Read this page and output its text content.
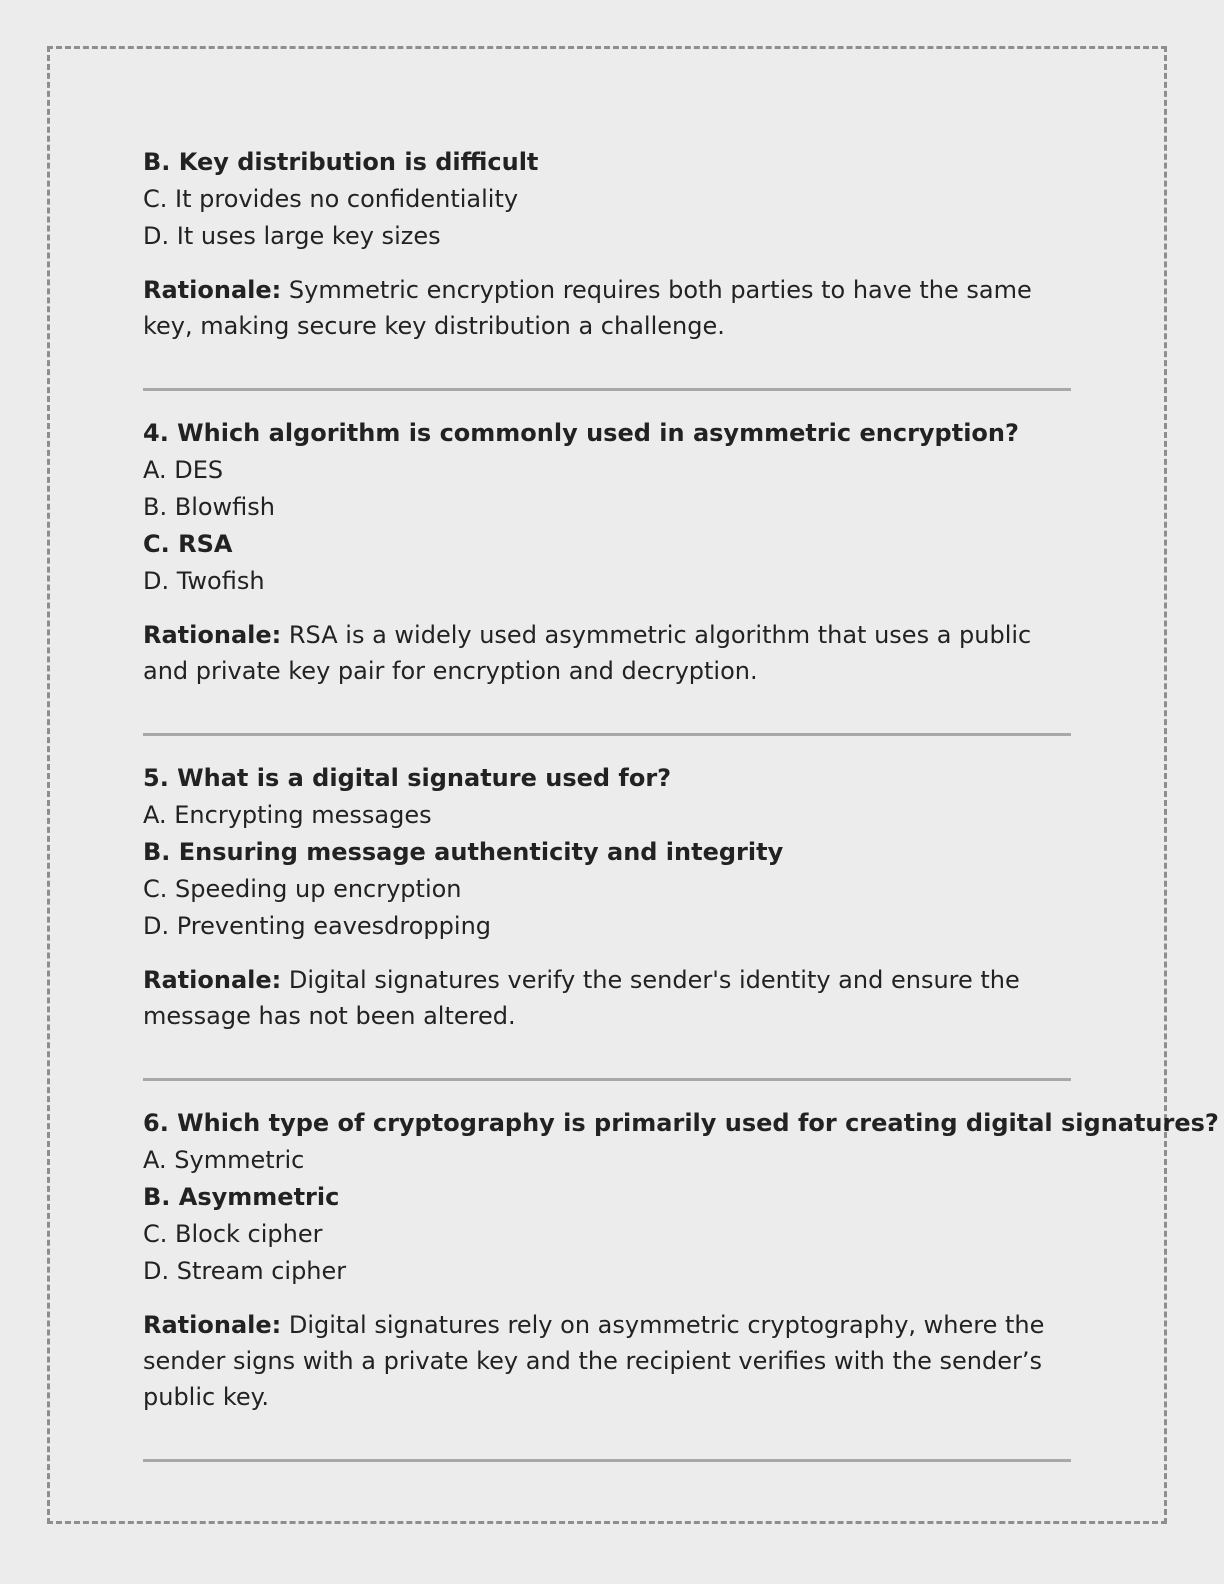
B. Key distribution is difficult
C. It provides no confidentiality
D. It uses large key sizes
Rationale: Symmetric encryption requires both parties to have the same key, making secure key distribution a challenge.
4. Which algorithm is commonly used in asymmetric encryption?
A. DES
B. Blowfish
C. RSA
D. Twofish
Rationale: RSA is a widely used asymmetric algorithm that uses a public and private key pair for encryption and decryption.
5. What is a digital signature used for?
A. Encrypting messages
B. Ensuring message authenticity and integrity
C. Speeding up encryption
D. Preventing eavesdropping
Rationale: Digital signatures verify the sender's identity and ensure the message has not been altered.
6. Which type of cryptography is primarily used for creating digital signatures?
A. Symmetric
B. Asymmetric
C. Block cipher
D. Stream cipher
Rationale: Digital signatures rely on asymmetric cryptography, where the sender signs with a private key and the recipient verifies with the sender’s public key.
